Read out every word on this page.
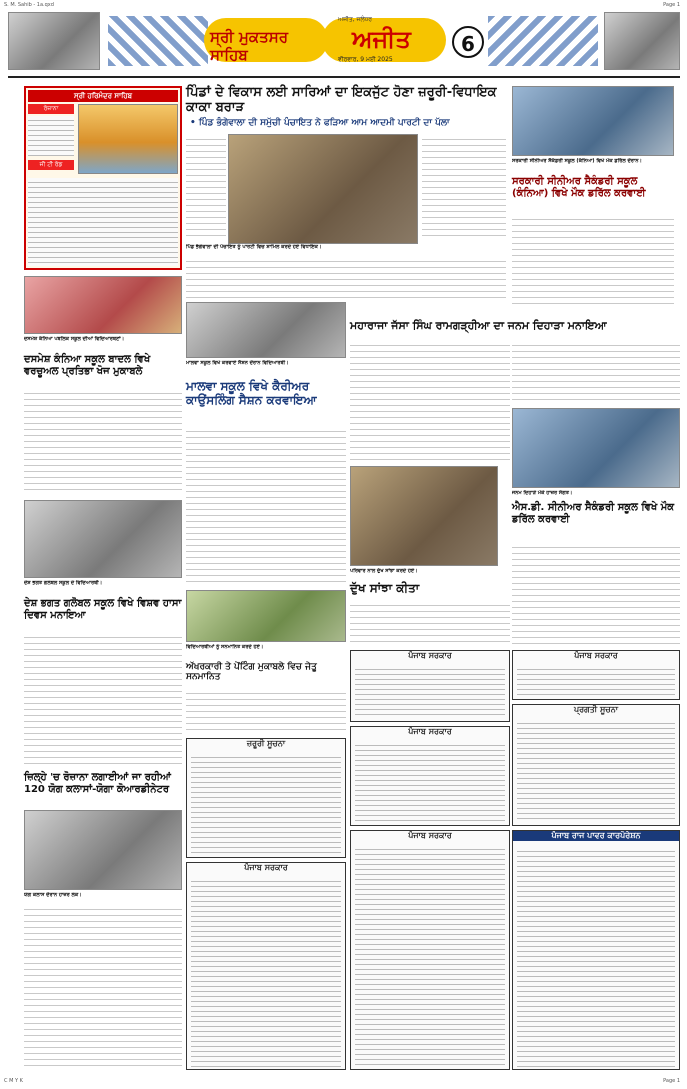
S. M. Sahib - 1a.qxd	Page 1
ਸ੍ਰੀ ਮੁਕਤਸਰ ਸਾਹਿਬ
ਅਜੀਤ, ਜਲੰਧਰ
ਅਜੀਤ
ਵੀਰਵਾਰ, 9 ਮਈ 2025
6
ਸ੍ਰੀ ਹਰਿਮੰਦਰ ਸਾਹਿਬ
ਰੋਜ਼ਾਨਾ
ਜੀ ਟੀ ਰੋਡ
ਪਿੰਡਾਂ ਦੇ ਵਿਕਾਸ ਲਈ ਸਾਰਿਆਂ ਦਾ ਇਕਜੁੱਟ ਹੋਣਾ ਜ਼ਰੂਰੀ-ਵਿਧਾਇਕ ਕਾਕਾ ਬਰਾੜ
• ਪਿੰਡ ਭੰਗੇਵਾਲਾ ਦੀ ਸਮੁੱਚੀ ਪੰਚਾਇਤ ਨੇ ਫੜਿਆ ਆਮ ਆਦਮੀ ਪਾਰਟੀ ਦਾ ਪੱਲਾ
ਪਿੰਡ ਭੰਗੇਵਾਲਾ ਦੀ ਪੰਚਾਇਤ ਨੂੰ ਪਾਰਟੀ ਵਿਚ ਸ਼ਾਮਿਲ ਕਰਦੇ ਹੋਏ ਵਿਧਾਇਕ।
ਸਰਕਾਰੀ ਸੀਨੀਅਰ ਸੈਕੰਡਰੀ ਸਕੂਲ (ਕੰਨਿਆ) ਵਿਖੇ ਮੌਕ ਡਰਿੱਲ ਦੌਰਾਨ।
ਸਰਕਾਰੀ ਸੀਨੀਅਰ ਸੈਕੰਡਰੀ ਸਕੂਲ (ਕੰਨਿਆ) ਵਿਖੇ ਮੌਕ ਡਰਿੱਲ ਕਰਵਾਈ
ਦਸਮੇਸ਼ ਕੰਨਿਆ ਪਬਲਿਕ ਸਕੂਲ ਦੀਆਂ ਵਿਦਿਆਰਥਣਾਂ।
ਦਸਮੇਸ਼ ਕੰਨਿਆ ਸਕੂਲ ਬਾਦਲ ਵਿਖੇ ਵਰਚੂਅਲ ਪ੍ਰਤਿਭਾ ਖੋਜ ਮੁਕਾਬਲੇ
ਮਾਲਵਾ ਸਕੂਲ ਵਿਖੇ ਕਰਵਾਏ ਸੈਸ਼ਨ ਦੌਰਾਨ ਵਿਦਿਆਰਥੀ।
ਮਾਲਵਾ ਸਕੂਲ ਵਿਖੇ ਕੈਰੀਅਰ ਕਾਉਂਸਲਿੰਗ ਸੈਸ਼ਨ ਕਰਵਾਇਆ
ਮਹਾਰਾਜਾ ਜੱਸਾ ਸਿੰਘ ਰਾਮਗੜ੍ਹੀਆ ਦਾ ਜਨਮ ਦਿਹਾੜਾ ਮਨਾਇਆ
ਜਨਮ ਦਿਹਾੜੇ ਮੌਕੇ ਹਾਜ਼ਰ ਸੰਗਤ।
ਐਸ.ਡੀ. ਸੀਨੀਅਰ ਸੈਕੰਡਰੀ ਸਕੂਲ ਵਿਖੇ ਮੌਕ ਡਰਿੱਲ ਕਰਵਾਈ
ਦੇਸ਼ ਭਗਤ ਗਲੋਬਲ ਸਕੂਲ ਦੇ ਵਿਦਿਆਰਥੀ।
ਦੇਸ਼ ਭਗਤ ਗਲੋਬਲ ਸਕੂਲ ਵਿਖੇ ਵਿਸ਼ਵ ਹਾਸਾ ਦਿਵਸ ਮਨਾਇਆ
ਪਰਿਵਾਰ ਨਾਲ ਦੁੱਖ ਸਾਂਝਾ ਕਰਦੇ ਹੋਏ।
ਦੁੱਖ ਸਾਂਝਾ ਕੀਤਾ
ਵਿਦਿਆਰਥੀਆਂ ਨੂੰ ਸਨਮਾਨਿਤ ਕਰਦੇ ਹੋਏ।
ਅੱਖਰਕਾਰੀ ਤੇ ਪੇਂਟਿੰਗ ਮੁਕਾਬਲੇ ਵਿਚ ਜੇਤੂ ਸਨਮਾਨਿਤ
ਜ਼ਿਲ੍ਹੇ 'ਚ ਰੋਜ਼ਾਨਾ ਲਗਾਈਆਂ ਜਾ ਰਹੀਆਂ 120 ਯੋਗ ਕਲਾਸਾਂ-ਯੋਗਾ ਕੋਆਰਡੀਨੇਟਰ
ਯੋਗ ਕਲਾਸ ਦੌਰਾਨ ਹਾਜ਼ਰ ਲੋਕ।
ਪੰਜਾਬ ਸਰਕਾਰ	ਪੰਜਾਬ ਸਰਕਾਰ
ਪੰਜਾਬ ਸਰਕਾਰ
ਪ੍ਰਗਤੀ ਸੂਚਨਾ
ਜ਼ਰੂਰੀ ਸੂਚਨਾ
ਪੰਜਾਬ ਸਰਕਾਰ	ਪੰਜਾਬ ਰਾਜ ਪਾਵਰ ਕਾਰਪੋਰੇਸ਼ਨ
ਪੰਜਾਬ ਸਰਕਾਰ
C M Y K	Page 1
